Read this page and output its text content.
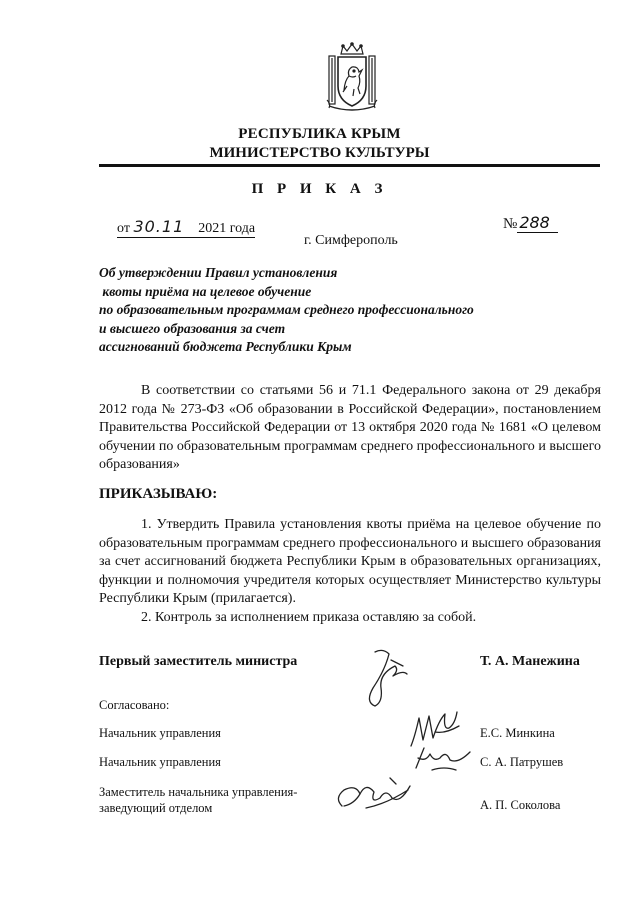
РЕСПУБЛИКА КРЫМ
МИНИСТЕРСТВО КУЛЬТУРЫ
П Р И К А З
от 30.11 2021 года	№ 288
г. Симферополь
Об утверждении Правил установления
квоты приёма на целевое обучение
по образовательным программам среднего профессионального
и высшего образования за счет
ассигнований бюджета Республики Крым
В соответствии со статьями 56 и 71.1 Федерального закона от 29 декабря 2012 года № 273-ФЗ «Об образовании в Российской Федерации», постановлением Правительства Российской Федерации от 13 октября 2020 года № 1681 «О целевом обучении по образовательным программам среднего профессионального и высшего образования»
ПРИКАЗЫВАЮ:
1. Утвердить Правила установления квоты приёма на целевое обучение по образовательным программам среднего профессионального и высшего образования за счет ассигнований бюджета Республики Крым в образовательных организациях, функции и полномочия учредителя которых осуществляет Министерство культуры Республики Крым (прилагается).
2. Контроль за исполнением приказа оставляю за собой.
Первый заместитель министра	Т. А. Манежина
Согласовано:
Начальник управления	Е.С. Минкина
Начальник управления	С. А. Патрушев
Заместитель начальника управления-
заведующий отделом	А. П. Соколова
